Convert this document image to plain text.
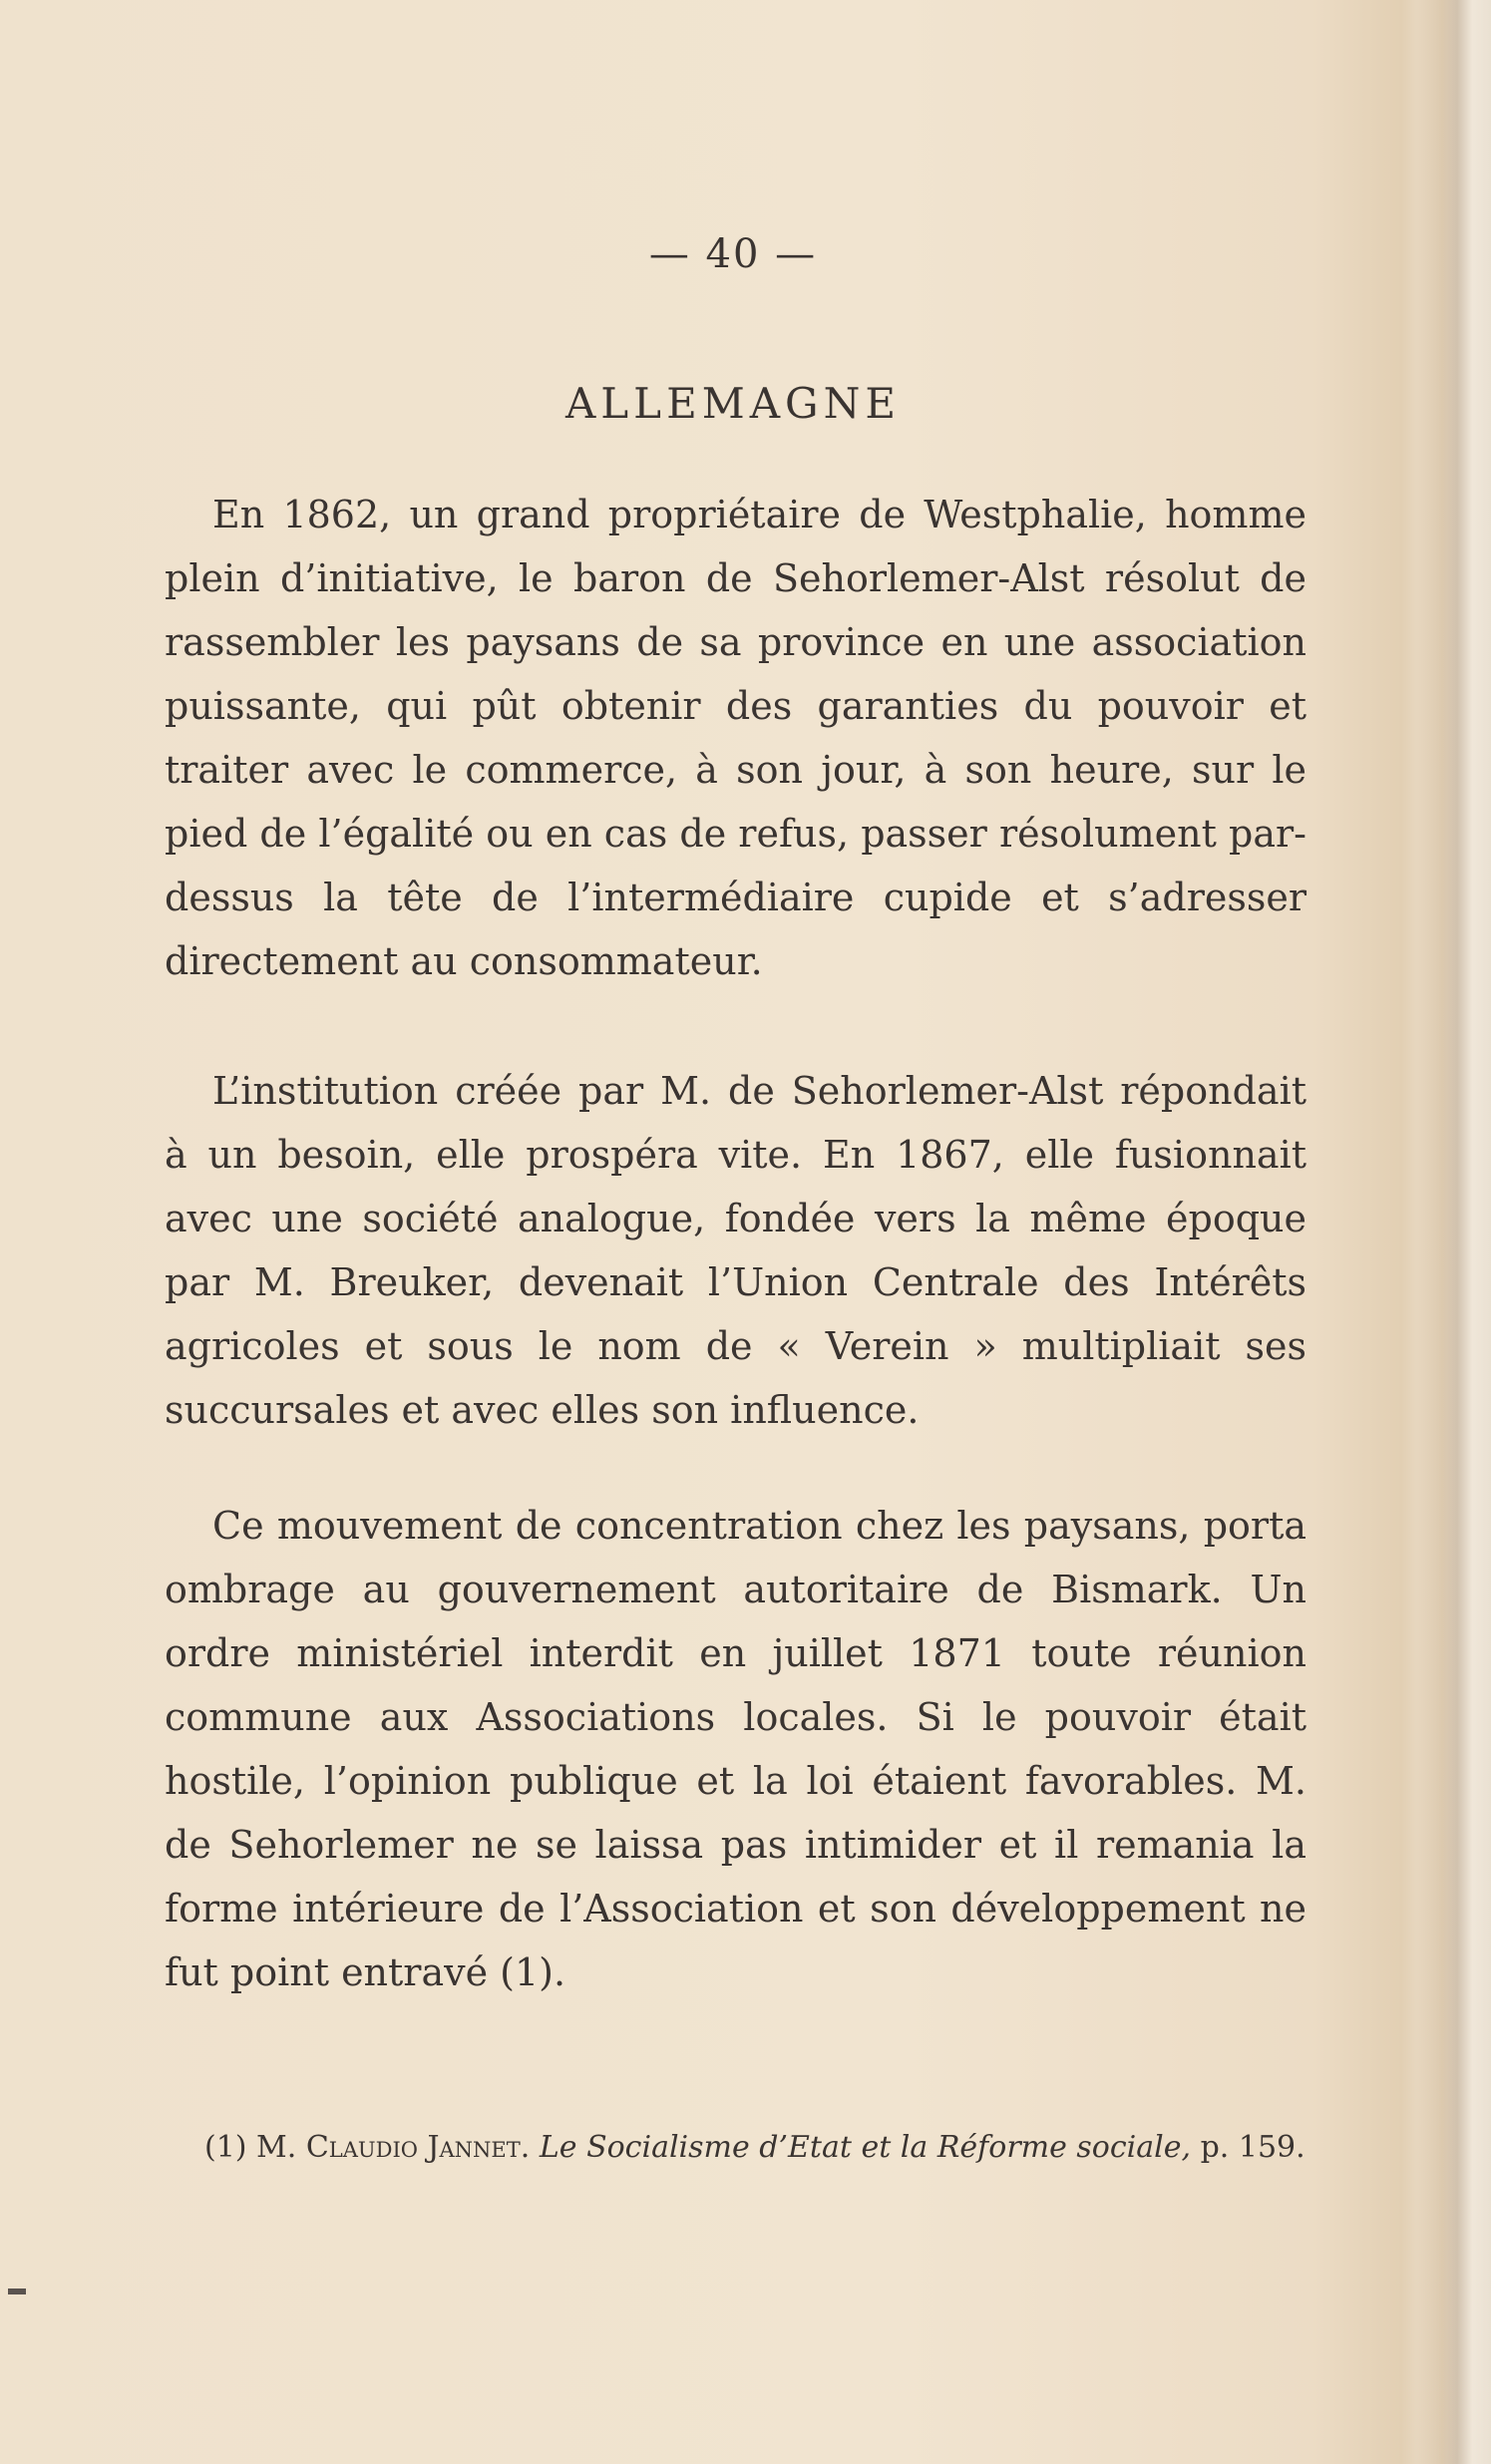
— 40 —
ALLEMAGNE

En 1862, un grand propriétaire de Westphalie, homme plein d’initiative, le baron de Sehorlemer-Alst résolut de rassembler les paysans de sa province en une association puissante, qui pût obtenir des garanties du pouvoir et traiter avec le commerce, à son jour, à son heure, sur le pied de l’égalité ou en cas de refus, passer résolument par-dessus la tête de l’intermédiaire cupide et s’adresser directement au consommateur.

L’institution créée par M. de Sehorlemer-Alst répondait à un besoin, elle prospéra vite. En 1867, elle fusionnait avec une société analogue, fondée vers la même époque par M. Breuker, devenait l’Union Centrale des Intérêts agricoles et sous le nom de « Verein » multipliait ses succursales et avec elles son influence.

Ce mouvement de concentration chez les paysans, porta ombrage au gouvernement autoritaire de Bismark. Un ordre ministériel interdit en juillet 1871 toute réunion commune aux Associations locales. Si le pouvoir était hostile, l’opinion publique et la loi étaient favorables. M. de Sehorlemer ne se laissa pas intimider et il remania la forme intérieure de l’Association et son développement ne fut point entravé (1).

(1) M. Claudio Jannet. Le Socialisme d’Etat et la Réforme sociale, p. 159.
